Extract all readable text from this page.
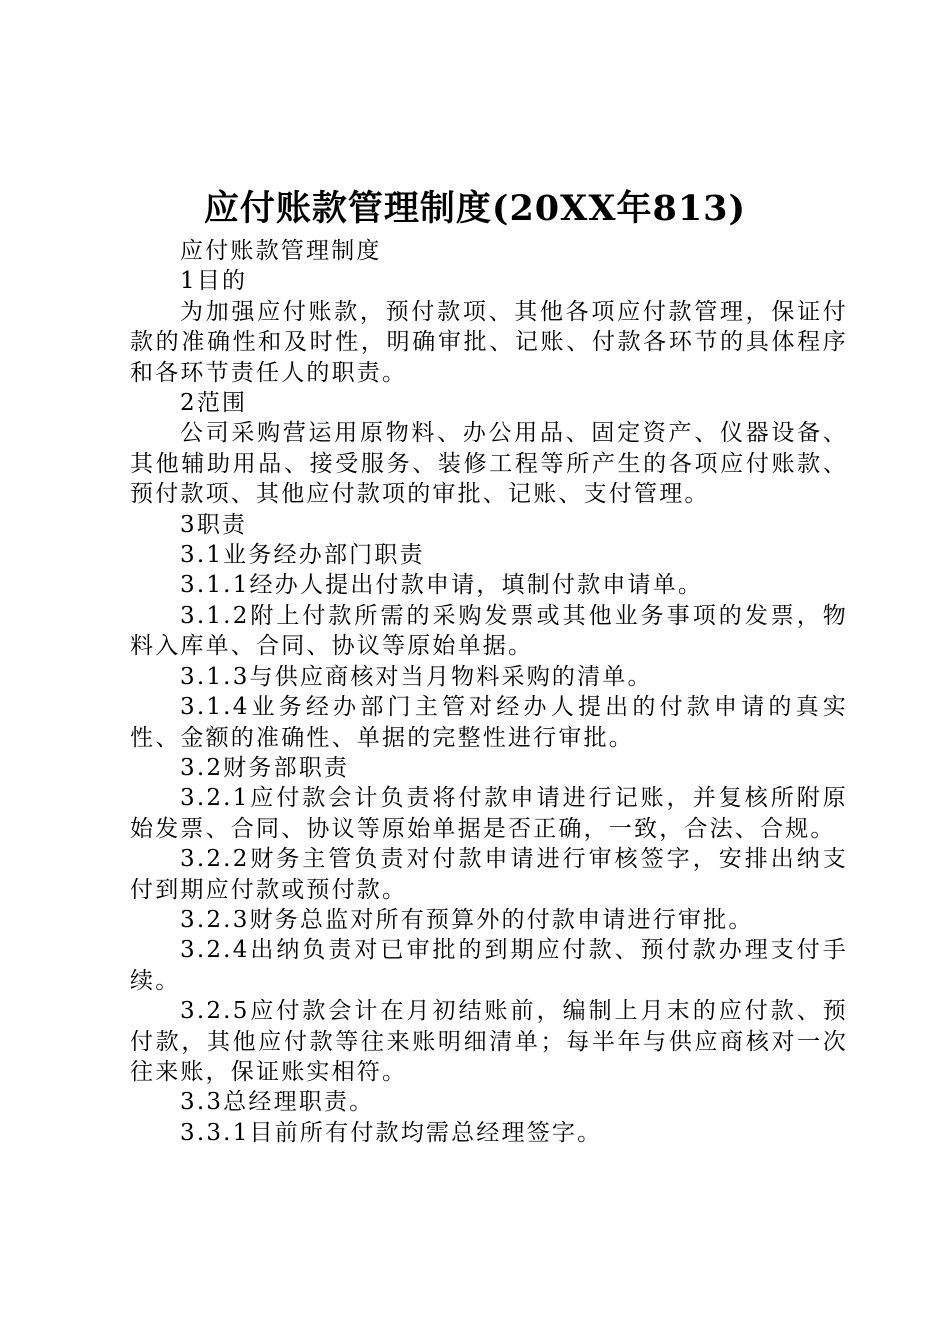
应付账款管理制度(20XX年813)

应付账款管理制度

1目的

为加强应付账款，预付款项、其他各项应付款管理，保证付款的准确性和及时性，明确审批、记账、付款各环节的具体程序和各环节责任人的职责。

2范围

公司采购营运用原物料、办公用品、固定资产、仪器设备、其他辅助用品、接受服务、装修工程等所产生的各项应付账款、预付款项、其他应付款项的审批、记账、支付管理。

3职责

3.1业务经办部门职责

3.1.1经办人提出付款申请，填制付款申请单。

3.1.2附上付款所需的采购发票或其他业务事项的发票，物料入库单、合同、协议等原始单据。

3.1.3与供应商核对当月物料采购的清单。

3.1.4业务经办部门主管对经办人提出的付款申请的真实性、金额的准确性、单据的完整性进行审批。

3.2财务部职责

3.2.1应付款会计负责将付款申请进行记账，并复核所附原始发票、合同、协议等原始单据是否正确，一致，合法、合规。

3.2.2财务主管负责对付款申请进行审核签字，安排出纳支付到期应付款或预付款。

3.2.3财务总监对所有预算外的付款申请进行审批。

3.2.4出纳负责对已审批的到期应付款、预付款办理支付手续。

3.2.5应付款会计在月初结账前，编制上月末的应付款、预付款，其他应付款等往来账明细清单；每半年与供应商核对一次往来账，保证账实相符。

3.3总经理职责。

3.3.1目前所有付款均需总经理签字。
